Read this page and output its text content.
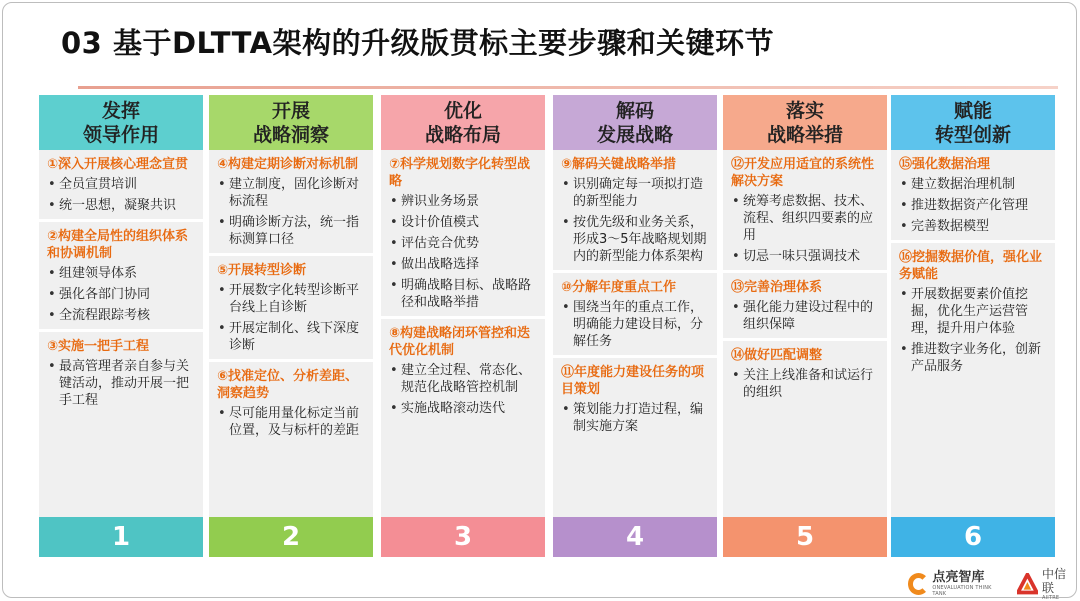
03 基于DLTTA架构的升级版贯标主要步骤和关键环节
发挥
领导作用
①深入开展核心理念宣贯
• 全员宣贯培训
• 统一思想，凝聚共识
②构建全局性的组织体系和协调机制
• 组建领导体系
• 强化各部门协同
• 全流程跟踪考核
③实施一把手工程
• 最高管理者亲自参与关键活动，推动开展一把手工程
1
开展
战略洞察
④构建定期诊断对标机制
• 建立制度，固化诊断对标流程
• 明确诊断方法，统一指标测算口径
⑤开展转型诊断
• 开展数字化转型诊断平台线上自诊断
• 开展定制化、线下深度诊断
⑥找准定位、分析差距、洞察趋势
• 尽可能用量化标定当前位置，及与标杆的差距
2
优化
战略布局
⑦科学规划数字化转型战略
• 辨识业务场景
• 设计价值模式
• 评估竞合优势
• 做出战略选择
• 明确战略目标、战略路径和战略举措
⑧构建战略闭环管控和迭代优化机制
• 建立全过程、常态化、规范化战略管控机制
• 实施战略滚动迭代
3
解码
发展战略
⑨解码关键战略举措
• 识别确定每一项拟打造的新型能力
• 按优先级和业务关系，形成3～5年战略规划期内的新型能力体系架构
⑩分解年度重点工作
• 围绕当年的重点工作，明确能力建设目标，分解任务
⑪年度能力建设任务的项目策划
• 策划能力打造过程，编制实施方案
4
落实
战略举措
⑫开发应用适宜的系统性解决方案
• 统筹考虑数据、技术、流程、组织四要素的应用
• 切忌一味只强调技术
⑬完善治理体系
• 强化能力建设过程中的组织保障
⑭做好匹配调整
• 关注上线准备和试运行的组织
5
赋能
转型创新
⑮强化数据治理
• 建立数据治理机制
• 推进数据资产化管理
• 完善数据模型
⑯挖掘数据价值，强化业务赋能
• 开展数据要素价值挖掘，优化生产运营管理，提升用户体验
• 推进数字业务化，创新产品服务
6
点亮智库
ONEVALUATION THINK TANK
中信联
AIITRE
